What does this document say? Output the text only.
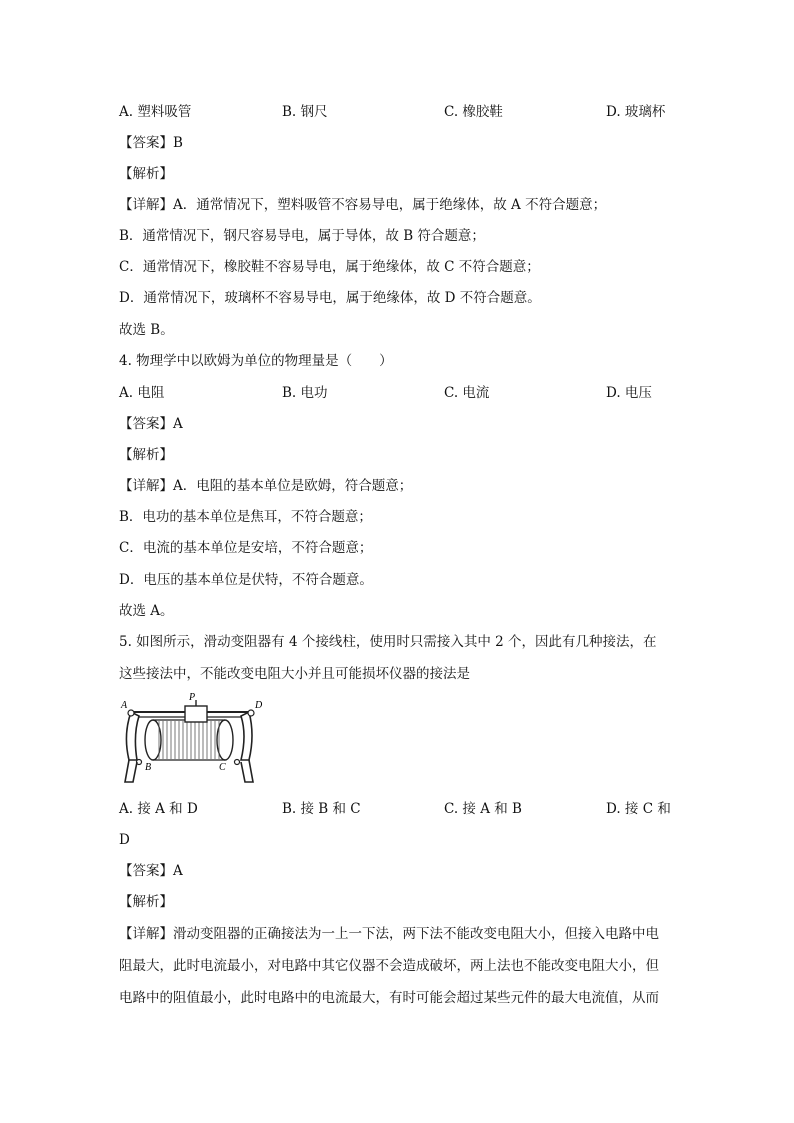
A. 塑料吸管	B. 钢尺	C. 橡胶鞋	D. 玻璃杯
【答案】B
【解析】
【详解】A．通常情况下，塑料吸管不容易导电，属于绝缘体，故 A 不符合题意；
B．通常情况下，钢尺容易导电，属于导体，故 B 符合题意；
C．通常情况下，橡胶鞋不容易导电，属于绝缘体，故 C 不符合题意；
D．通常情况下，玻璃杯不容易导电，属于绝缘体，故 D 不符合题意。
故选 B。
4. 物理学中以欧姆为单位的物理量是（　　）
A. 电阻	B. 电功	C. 电流	D. 电压
【答案】A
【解析】
【详解】A．电阻的基本单位是欧姆，符合题意；
B．电功的基本单位是焦耳，不符合题意；
C．电流的基本单位是安培，不符合题意；
D．电压的基本单位是伏特，不符合题意。
故选 A。
5. 如图所示，滑动变阻器有 4 个接线柱，使用时只需接入其中 2 个，因此有几种接法，在
这些接法中，不能改变电阻大小并且可能损坏仪器的接法是
A
P
D
B	C
A. 接 A 和 D	B. 接 B 和 C	C. 接 A 和 B	D. 接 C 和
D
【答案】A
【解析】
【详解】滑动变阻器的正确接法为一上一下法，两下法不能改变电阻大小，但接入电路中电
阻最大，此时电流最小，对电路中其它仪器不会造成破坏，两上法也不能改变电阻大小，但
电路中的阻值最小，此时电路中的电流最大，有时可能会超过某些元件的最大电流值，从而
